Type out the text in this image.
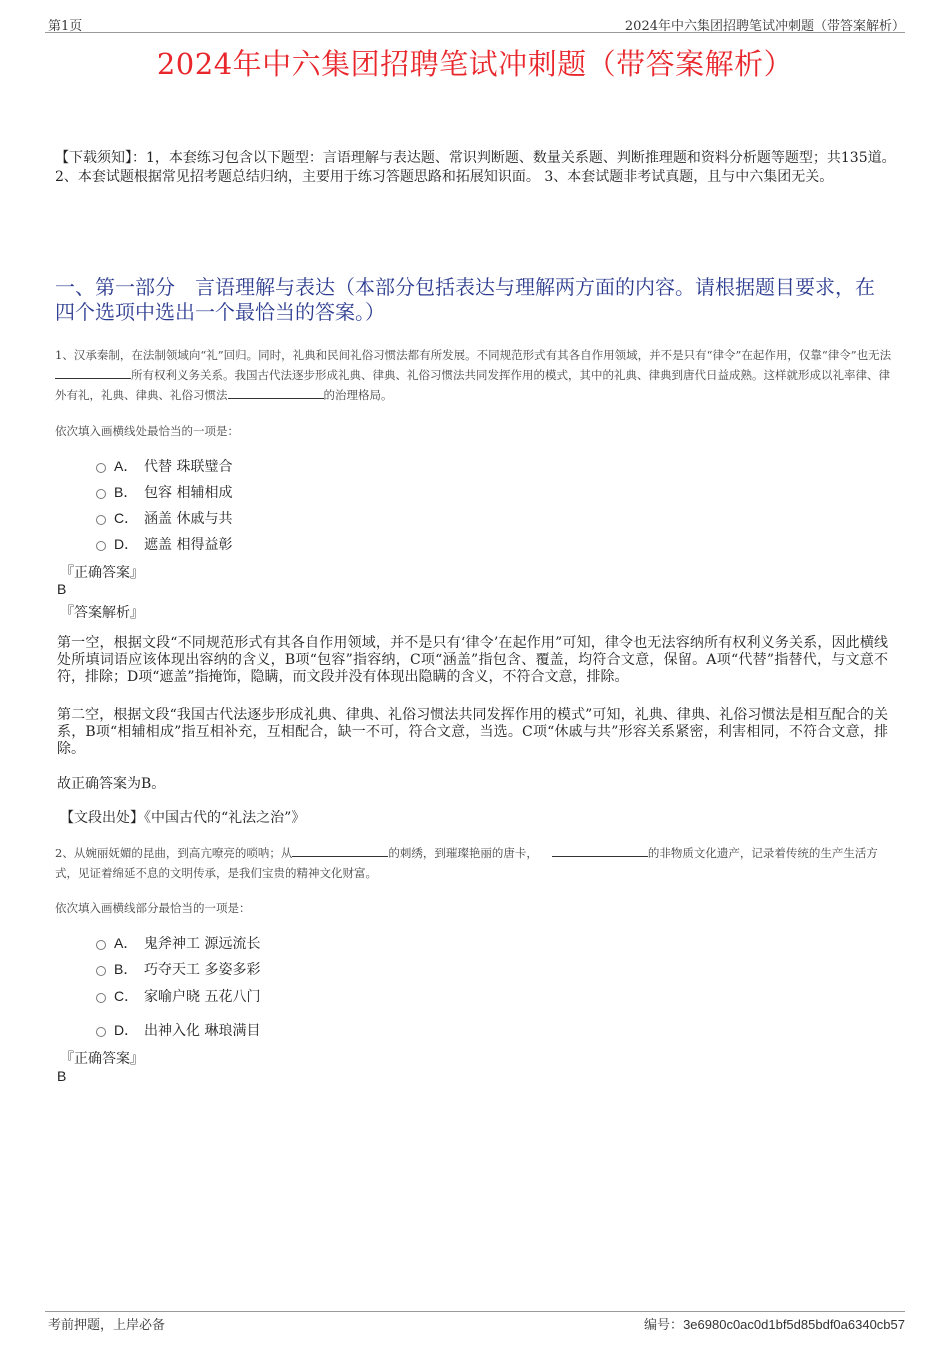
第1页	2024年中六集团招聘笔试冲刺题（带答案解析）
2024年中六集团招聘笔试冲刺题（带答案解析）
【下载须知】：1，本套练习包含以下题型：言语理解与表达题、常识判断题、数量关系题、判断推理题和资料分析题等题型；共135道。 2、本套试题根据常见招考题总结归纳，主要用于练习答题思路和拓展知识面。 3、本套试题非考试真题，且与中六集团无关。
一、第一部分　言语理解与表达（本部分包括表达与理解两方面的内容。请根据题目要求，在四个选项中选出一个最恰当的答案。）
1、汉承秦制，在法制领域向“礼”回归。同时，礼典和民间礼俗习惯法都有所发展。不同规范形式有其各自作用领域，并不是只有“律令”在起作用，仅靠“律令”也无法所有权利义务关系。我国古代法逐步形成礼典、律典、礼俗习惯法共同发挥作用的模式，其中的礼典、律典到唐代日益成熟。这样就形成以礼率律、律外有礼，礼典、律典、礼俗习惯法	的治理格局。
依次填入画横线处最恰当的一项是：
A． 代替 珠联璧合
B． 包容 相辅相成
C． 涵盖 休戚与共
D． 遮盖 相得益彰
『正确答案』
B
『答案解析』
第一空，根据文段“不同规范形式有其各自作用领域，并不是只有‘律令’在起作用”可知，律令也无法容纳所有权利义务关系，因此横线处所填词语应该体现出容纳的含义，B项“包容”指容纳，C项“涵盖”指包含、覆盖，均符合文意，保留。A项“代替”指替代，与文意不符，排除；D项“遮盖”指掩饰，隐瞒，而文段并没有体现出隐瞒的含义，不符合文意，排除。
第二空，根据文段“我国古代法逐步形成礼典、律典、礼俗习惯法共同发挥作用的模式”可知，礼典、律典、礼俗习惯法是相互配合的关系，B项“相辅相成”指互相补充，互相配合，缺一不可，符合文意，当选。C项“休戚与共”形容关系紧密，利害相同，不符合文意，排除。
故正确答案为B。
【文段出处】《中国古代的“礼法之治”》
2、从婉丽妩媚的昆曲，到高亢嘹亮的唢呐；从	的刺绣，到璀璨艳丽的唐卡，	的非物质文化遗产，记录着传统的生产生活方式，见证着绵延不息的文明传承，是我们宝贵的精神文化财富。
依次填入画横线部分最恰当的一项是：
A． 鬼斧神工 源远流长
B． 巧夺天工 多姿多彩
C． 家喻户晓 五花八门
D． 出神入化 琳琅满目
『正确答案』
B
考前押题，上岸必备	编号：3e6980c0ac0d1bf5d85bdf0a6340cb57
